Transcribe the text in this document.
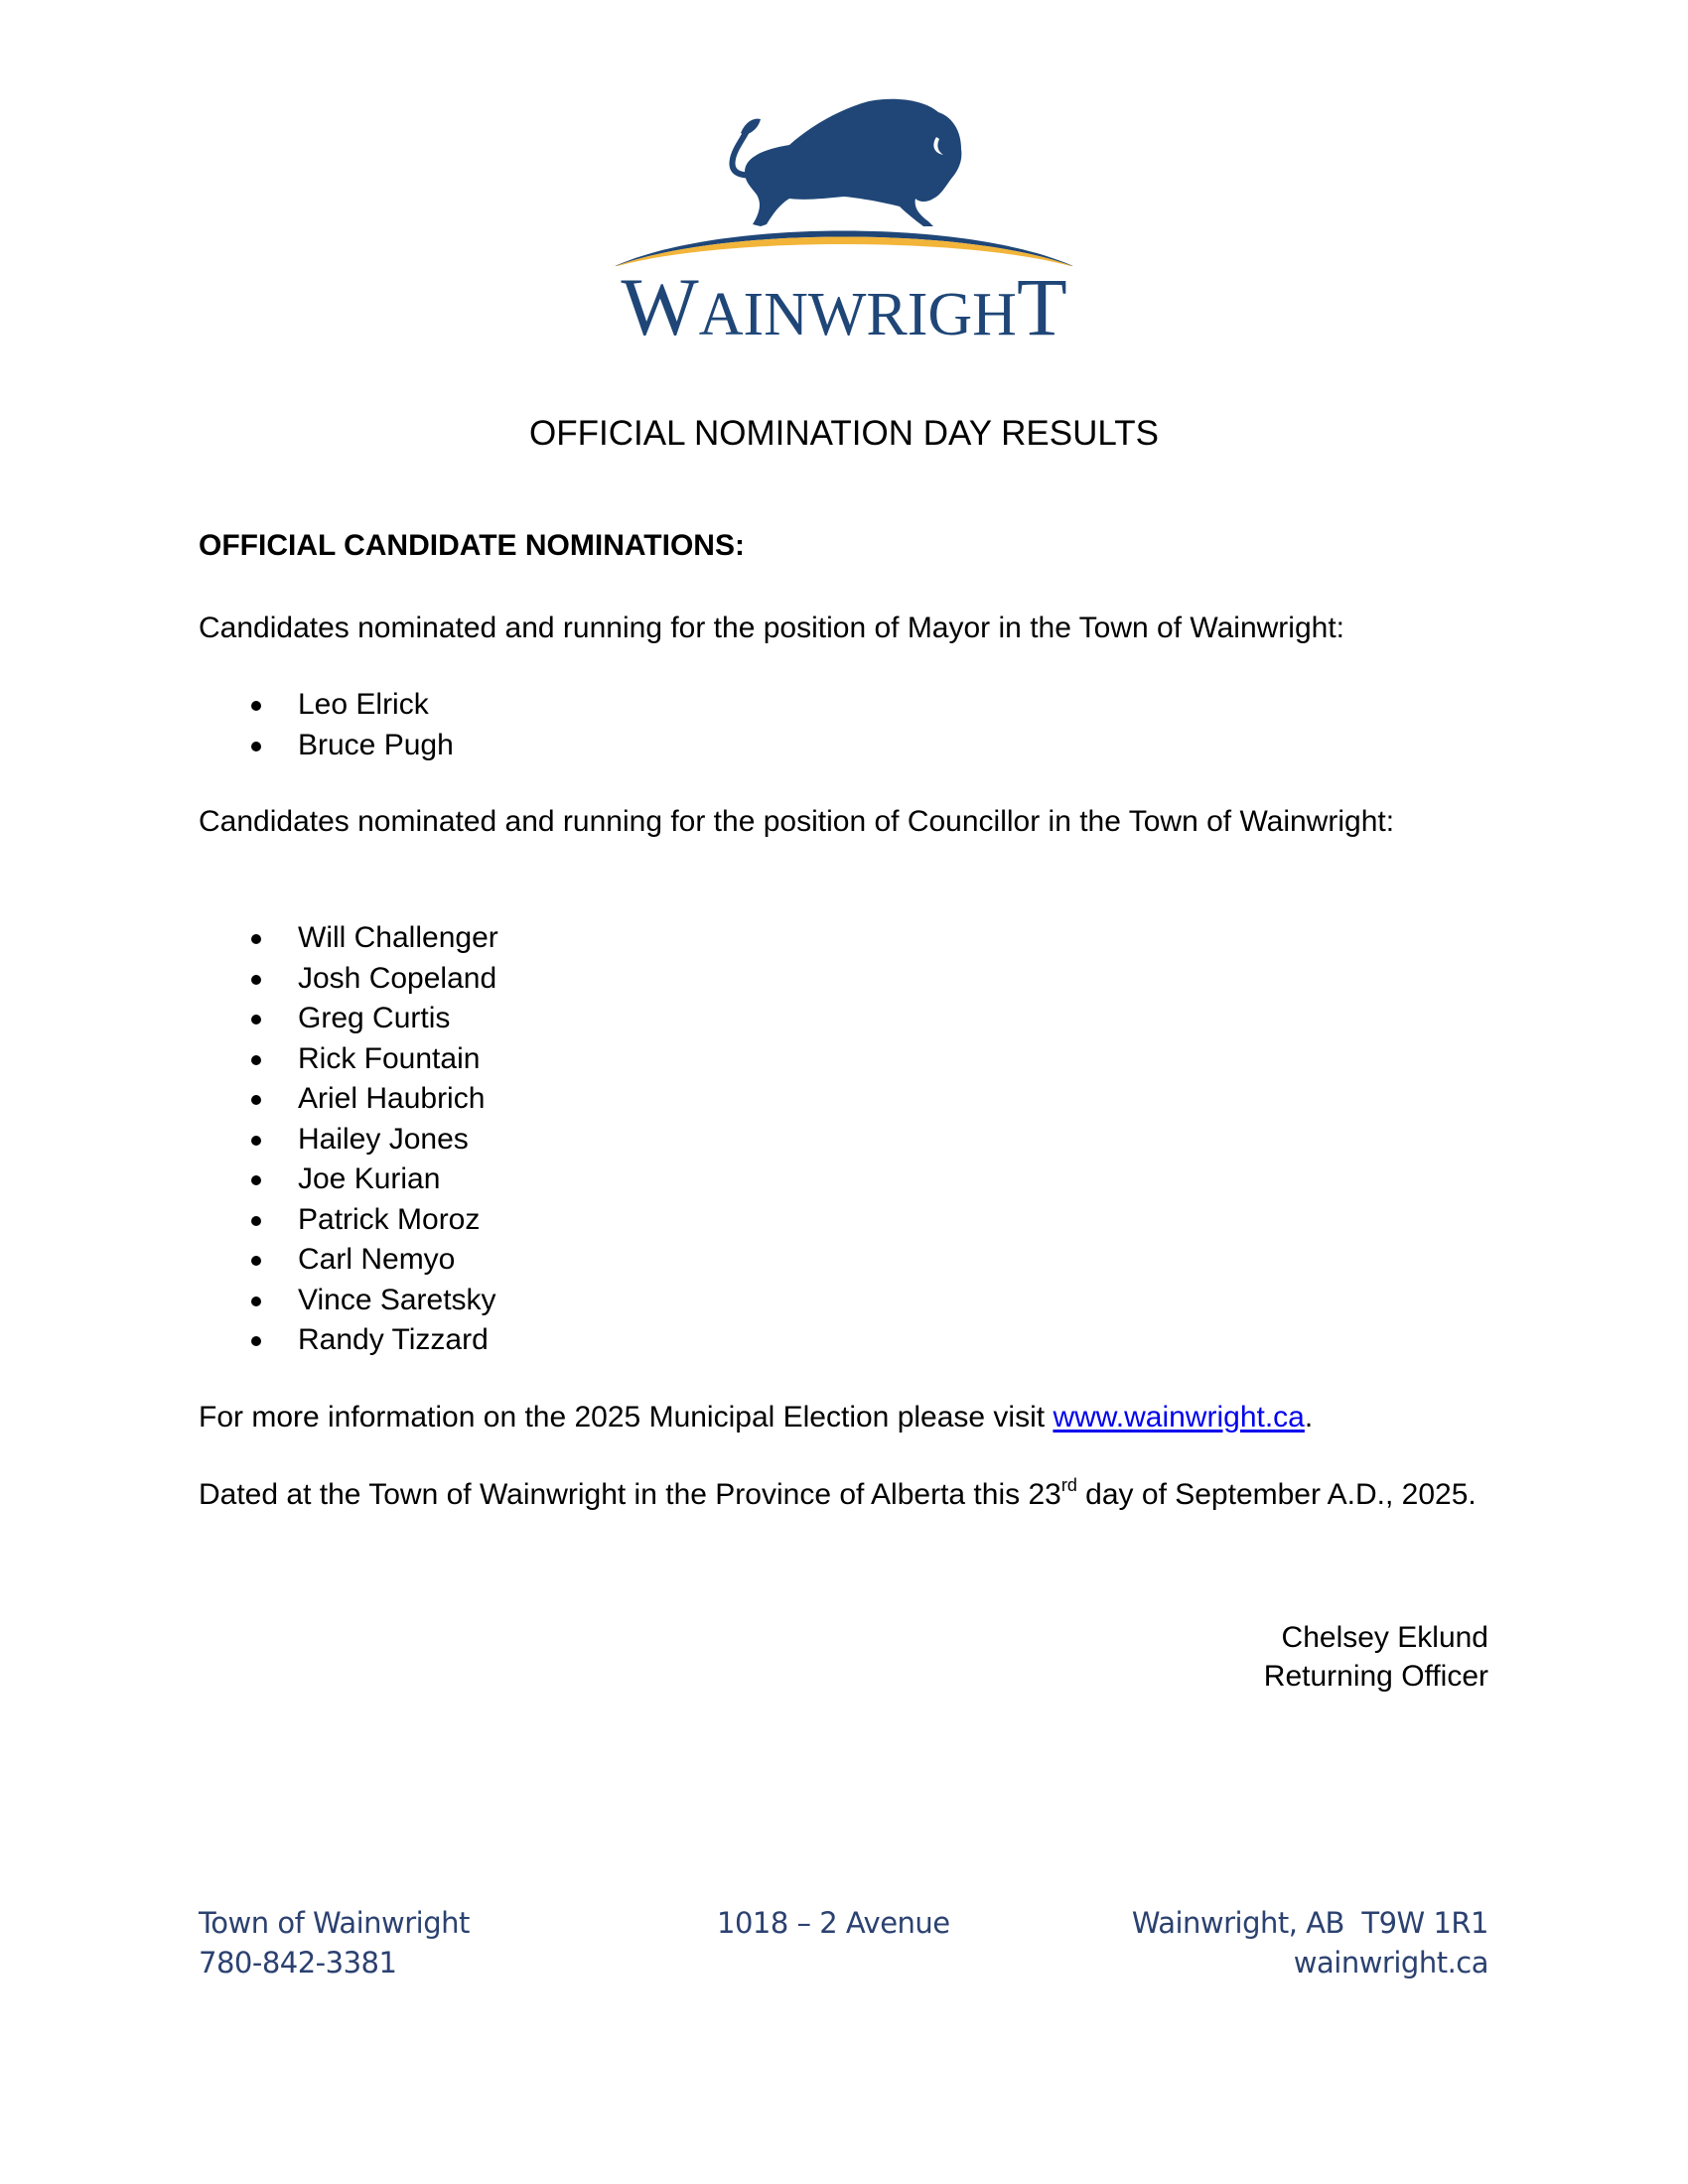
WAINWRIGHT
OFFICIAL NOMINATION DAY RESULTS
OFFICIAL CANDIDATE NOMINATIONS:
Candidates nominated and running for the position of Mayor in the Town of Wainwright:
Leo Elrick
Bruce Pugh
Candidates nominated and running for the position of Councillor in the Town of Wainwright:
Will Challenger
Josh Copeland
Greg Curtis
Rick Fountain
Ariel Haubrich
Hailey Jones
Joe Kurian
Patrick Moroz
Carl Nemyo
Vince Saretsky
Randy Tizzard
For more information on the 2025 Municipal Election please visit www.wainwright.ca.
Dated at the Town of Wainwright in the Province of Alberta this 23rd day of September A.D., 2025.
Chelsey Eklund
Returning Officer
Town of Wainwright
780-842-3381
1018 – 2 Avenue	Wainwright, AB  T9W 1R1
wainwright.ca
